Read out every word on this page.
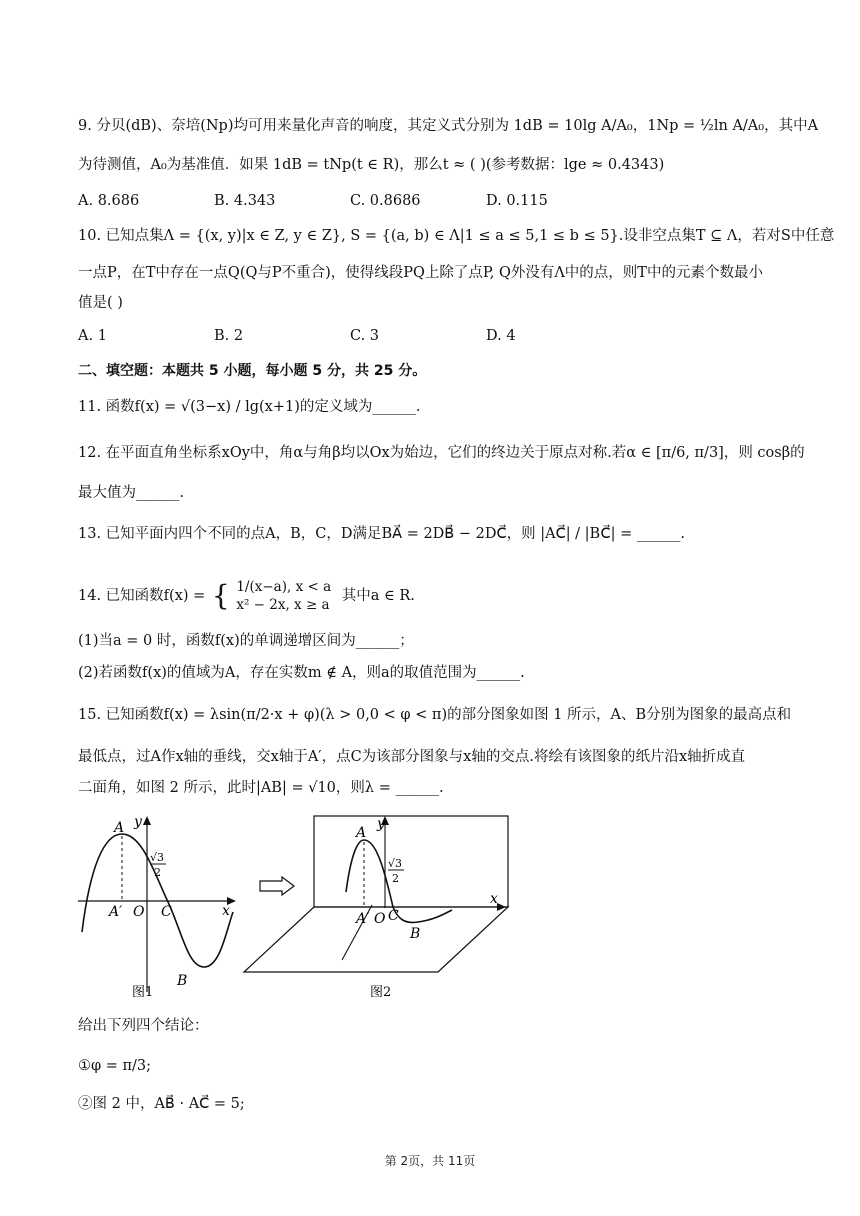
9. 分贝(dB)、奈培(Np)均可用来量化声音的响度，其定义式分别为 1dB = 10lg A/A₀，1Np = ½ln A/A₀，其中A
为待测值，A₀为基准值．如果 1dB = tNp(t ∈ R)，那么t ≈ ( )(参考数据：lge ≈ 0.4343)
A. 8.686	B. 4.343	C. 0.8686	D. 0.115
10. 已知点集Λ = {(x, y)|x ∈ Z, y ∈ Z}, S = {(a, b) ∈ Λ|1 ≤ a ≤ 5,1 ≤ b ≤ 5}.设非空点集T ⊆ Λ，若对S中任意
一点P，在T中存在一点Q(Q与P不重合)，使得线段PQ上除了点P, Q外没有Λ中的点，则T中的元素个数最小
值是( )
A. 1	B. 2	C. 3	D. 4
二、填空题：本题共 5 小题，每小题 5 分，共 25 分。
11. 函数f(x) = √(3−x) / lg(x+1)的定义域为______.
12. 在平面直角坐标系xOy中，角α与角β均以Ox为始边，它们的终边关于原点对称.若α ∈ [π/6, π/3]，则 cosβ的
最大值为______.
13. 已知平面内四个不同的点A，B，C，D满足BA⃗ = 2DB⃗ − 2DC⃗，则 |AC⃗| / |BC⃗| = ______.
14. 已知函数f(x) = { 1/(x−a), x < a
x² − 2x, x ≥ a
其中a ∈ R.
(1)当a = 0 时，函数f(x)的单调递增区间为______；
(2)若函数f(x)的值域为A，存在实数m ∉ A，则a的取值范围为______.
15. 已知函数f(x) = λsin(π/2·x + φ)(λ > 0,0 < φ < π)的部分图象如图 1 所示，A、B分别为图象的最高点和
最低点，过A作x轴的垂线，交x轴于A′，点C为该部分图象与x轴的交点.将绘有该图象的纸片沿x轴折成直
二面角，如图 2 所示，此时|AB| = √10，则λ = ______.
A
A′ O C	x
y
B
√3
2
图1
A
A′ O C
B
x
y
√3
2
图2
给出下列四个结论：
①φ = π/3;
②图 2 中，AB⃗ · AC⃗ = 5;
第 2页，共 11页
